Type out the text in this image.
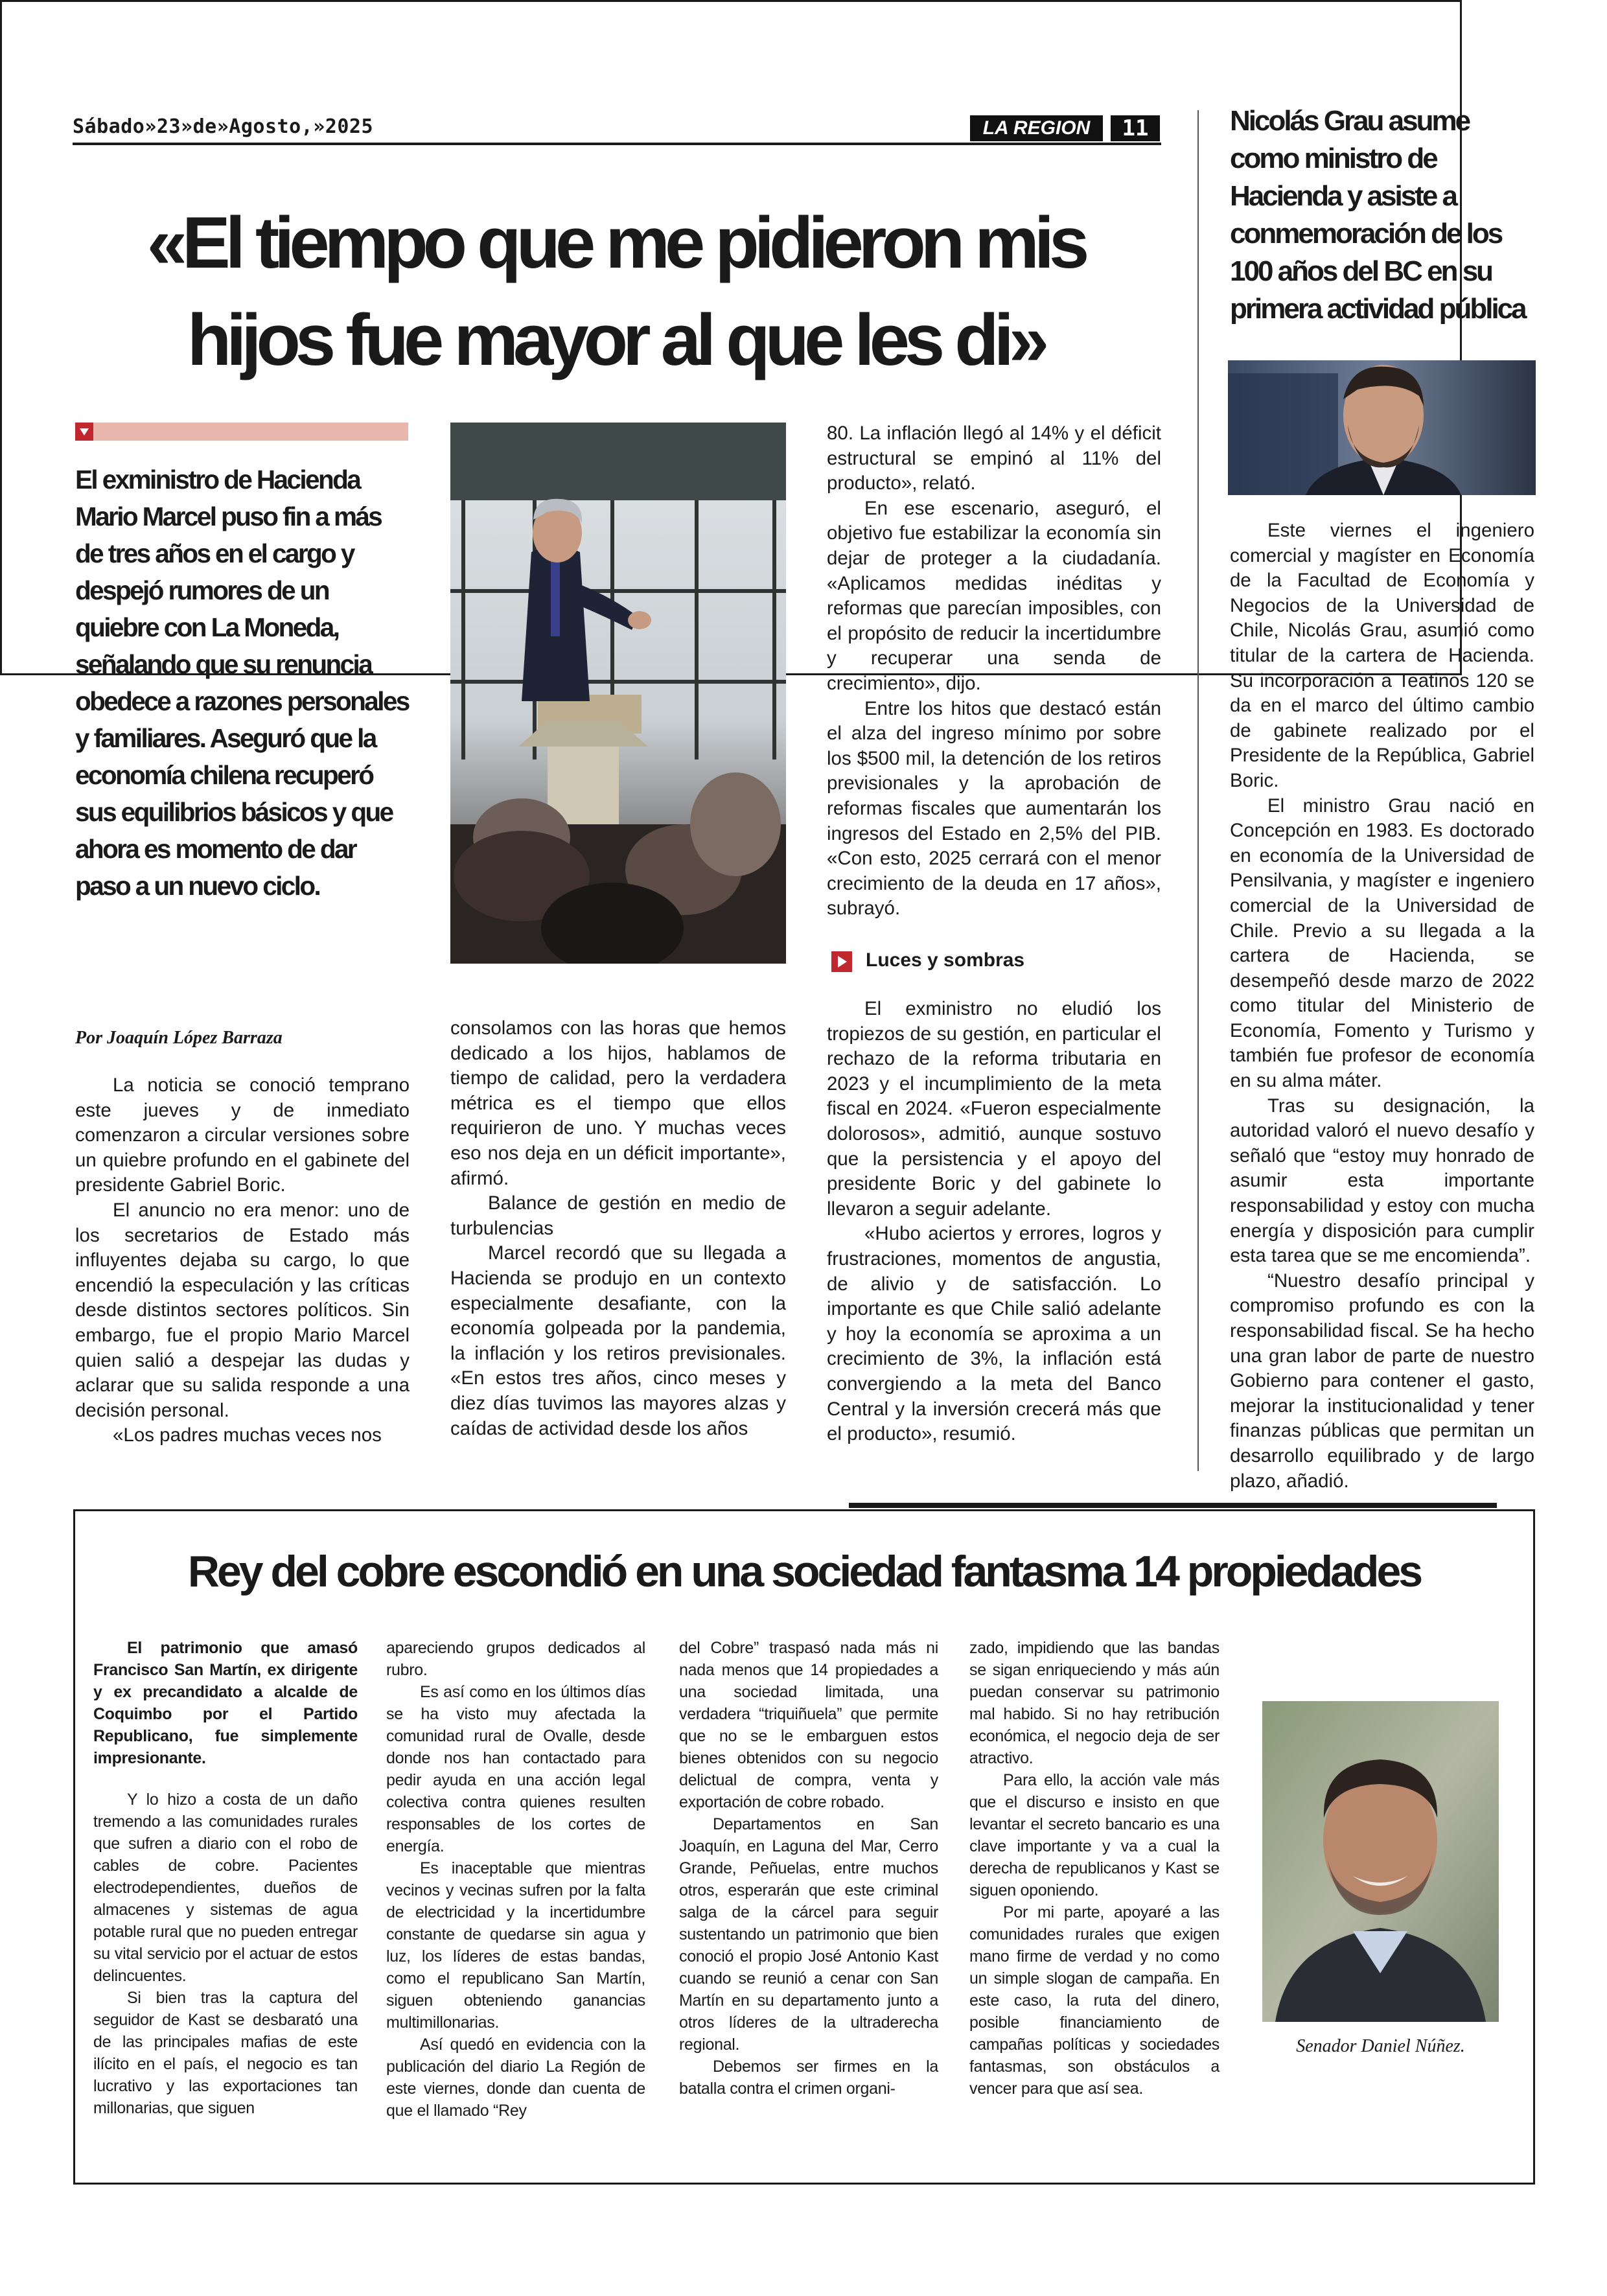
Sábado»23»de»Agosto,»2025	LA REGION	11
«El tiempo que me pidieron mis
hijos fue mayor al que les di»
Nicolás Grau asume como ministro de Hacienda y asiste a conmemoración de los 100 años del BC en su primera actividad pública

Este viernes el ingeniero comercial y magíster en Economía de la Facultad de Economía y Negocios de la Universidad de Chile, Nicolás Grau, asumió como titular de la cartera de Hacienda. Su incorporación a Teatinos 120 se da en el marco del último cambio de gabinete realizado por el Presidente de la República, Gabriel Boric.

El ministro Grau nació en Concepción en 1983. Es doctorado en economía de la Universidad de Pensilvania, y magíster e ingeniero comercial de la Universidad de Chile. Previo a su llegada a la cartera de Hacienda, se desempeñó desde marzo de 2022 como titular del Ministerio de Economía, Fomento y Turismo y también fue profesor de economía en su alma máter.

Tras su designación, la autoridad valoró el nuevo desafío y señaló que “estoy muy honrado de asumir esta importante responsabilidad y estoy con mucha energía y disposición para cumplir esta tarea que se me encomienda”.

“Nuestro desafío principal y compromiso profundo es con la responsabilidad fiscal. Se ha hecho una gran labor de parte de nuestro Gobierno para contener el gasto, mejorar la institucionalidad y tener finanzas públicas que permitan un desarrollo equilibrado y de largo plazo, añadió.

El exministro de Hacienda Mario Marcel puso fin a más de tres años en el cargo y despejó rumores de un quiebre con La Moneda, señalando que su renuncia obedece a razones personales y familiares. Aseguró que la economía chilena recuperó sus equilibrios básicos y que ahora es momento de dar paso a un nuevo ciclo.
Por Joaquín López Barraza

La noticia se conoció temprano este jueves y de inmediato comenzaron a circular versiones sobre un quiebre profundo en el gabinete del presidente Gabriel Boric.

El anuncio no era menor: uno de los secretarios de Estado más influyentes dejaba su cargo, lo que encendió la especulación y las críticas desde distintos sectores políticos. Sin embargo, fue el propio Mario Marcel quien salió a despejar las dudas y aclarar que su salida responde a una decisión personal.

«Los padres muchas veces nos

consolamos con las horas que hemos dedicado a los hijos, hablamos de tiempo de calidad, pero la verdadera métrica es el tiempo que ellos requirieron de uno. Y muchas veces eso nos deja en un déficit importante», afirmó.

Balance de gestión en medio de turbulencias

Marcel recordó que su llegada a Hacienda se produjo en un contexto especialmente desafiante, con la economía golpeada por la pandemia, la inflación y los retiros previsionales. «En estos tres años, cinco meses y diez días tuvimos las mayores alzas y caídas de actividad desde los años

80. La inflación llegó al 14% y el déficit estructural se empinó al 11% del producto», relató.

En ese escenario, aseguró, el objetivo fue estabilizar la economía sin dejar de proteger a la ciudadanía. «Aplicamos medidas inéditas y reformas que parecían imposibles, con el propósito de reducir la incertidumbre y recuperar una senda de crecimiento», dijo.

Entre los hitos que destacó están el alza del ingreso mínimo por sobre los $500 mil, la detención de los retiros previsionales y la aprobación de reformas fiscales que aumentarán los ingresos del Estado en 2,5% del PIB. «Con esto, 2025 cerrará con el menor crecimiento de la deuda en 17 años», subrayó.

Luces y sombras

El exministro no eludió los tropiezos de su gestión, en particular el rechazo de la reforma tributaria en 2023 y el incumplimiento de la meta fiscal en 2024. «Fueron especialmente dolorosos», admitió, aunque sostuvo que la persistencia y el apoyo del presidente Boric y del gabinete lo llevaron a seguir adelante.

«Hubo aciertos y errores, logros y frustraciones, momentos de angustia, de alivio y de satisfacción. Lo importante es que Chile salió adelante y hoy la economía se aproxima a un crecimiento de 3%, la inflación está convergiendo a la meta del Banco Central y la inversión crecerá más que el producto», resumió.

Rey del cobre escondió en una sociedad fantasma 14 propiedades

El patrimonio que amasó Francisco San Martín, ex dirigente y ex precandidato a alcalde de Coquimbo por el Partido Republicano, fue simplemente impresionante.

Y lo hizo a costa de un daño tremendo a las comunidades rurales que sufren a diario con el robo de cables de cobre. Pacientes electrodependientes, dueños de almacenes y sistemas de agua potable rural que no pueden entregar su vital servicio por el actuar de estos delincuentes.

Si bien tras la captura del seguidor de Kast se desbarató una de las principales mafias de este ilícito en el país, el negocio es tan lucrativo y las exportaciones tan millonarias, que siguen

apareciendo grupos dedicados al rubro.

Es así como en los últimos días se ha visto muy afectada la comunidad rural de Ovalle, desde donde nos han contactado para pedir ayuda en una acción legal colectiva contra quienes resulten responsables de los cortes de energía.

Es inaceptable que mientras vecinos y vecinas sufren por la falta de electricidad y la incertidumbre constante de quedarse sin agua y luz, los líderes de estas bandas, como el republicano San Martín, siguen obteniendo ganancias multimillonarias.

Así quedó en evidencia con la publicación del diario La Región de este viernes, donde dan cuenta de que el llamado “Rey

del Cobre” traspasó nada más ni nada menos que 14 propiedades a una sociedad limitada, una verdadera “triquiñuela” que permite que no se le embarguen estos bienes obtenidos con su negocio delictual de compra, venta y exportación de cobre robado.

Departamentos en San Joaquín, en Laguna del Mar, Cerro Grande, Peñuelas, entre muchos otros, esperarán que este criminal salga de la cárcel para seguir sustentando un patrimonio que bien conoció el propio José Antonio Kast cuando se reunió a cenar con San Martín en su departamento junto a otros líderes de la ultraderecha regional.

Debemos ser firmes en la batalla contra el crimen organi-

zado, impidiendo que las bandas se sigan enriqueciendo y más aún puedan conservar su patrimonio mal habido. Si no hay retribución económica, el negocio deja de ser atractivo.

Para ello, la acción vale más que el discurso e insisto en que levantar el secreto bancario es una clave importante y va a cual la derecha de republicanos y Kast se siguen oponiendo.

Por mi parte, apoyaré a las comunidades rurales que exigen mano firme de verdad y no como un simple slogan de campaña. En este caso, la ruta del dinero, posible financiamiento de campañas políticas y sociedades fantasmas, son obstáculos a vencer para que así sea.

Senador Daniel Núñez.
